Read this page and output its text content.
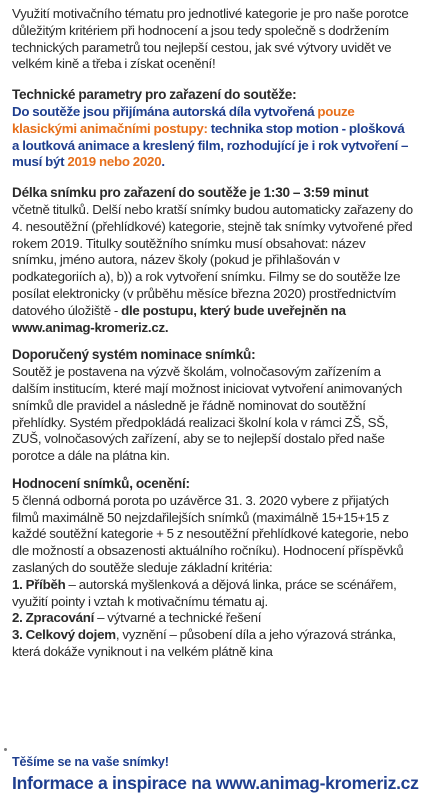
Využití motivačního tématu pro jednotlivé kategorie je pro naše porotce důležitým kritériem při hodnocení a jsou tedy společně s dodržením technických parametrů tou nejlepší cestou, jak své výtvory uvidět ve velkém kině a třeba i získat ocenění!

Technické parametry pro zařazení do soutěže:

Do soutěže jsou přijímána autorská díla vytvořená pouze klasickými animačními postupy: technika stop motion - plošková a loutková animace a kreslený film, rozhodující je i rok vytvoření – musí být 2019 nebo 2020.

Délka snímku pro zařazení do soutěže je 1:30 – 3:59 minut

včetně titulků. Delší nebo kratší snímky budou automaticky zařazeny do 4. nesoutěžní (přehlídkové) kategorie, stejně tak snímky vytvořené před rokem 2019. Titulky soutěžního snímku musí obsahovat: název snímku, jméno autora, název školy (pokud je přihlašován v podkategoriích a), b)) a rok vytvoření snímku. Filmy se do soutěže lze posílat elektronicky (v průběhu měsíce března 2020) prostřednictvím datového úložiště - dle postupu, který bude uveřejněn na www.animag-kromeriz.cz.

Doporučený systém nominace snímků:

Soutěž je postavena na výzvě školám, volnočasovým zařízením a dalším institucím, které mají možnost iniciovat vytvoření animovaných snímků dle pravidel a následně je řádně nominovat do soutěžní přehlídky. Systém předpokládá realizaci školní kola v rámci ZŠ, SŠ, ZUŠ, volnočasových zařízení, aby se to nejlepší dostalo před naše porotce a dále na plátna kin.

Hodnocení snímků, ocenění:

5 členná odborná porota po uzávěrce 31. 3. 2020 vybere z přijatých filmů maximálně 50 nejzdařilejších snímků (maximálně 15+15+15 z každé soutěžní kategorie + 5 z nesoutěžní přehlídkové kategorie, nebo dle možností a obsazenosti aktuálního ročníku). Hodnocení příspěvků zaslaných do soutěže sleduje základní kritéria:

1. Příběh – autorská myšlenková a dějová linka, práce se scénářem, využití pointy i vztah k motivačnímu tématu aj.

2. Zpracování – výtvarné a technické řešení

3. Celkový dojem, vyznění – působení díla a jeho výrazová stránka, která dokáže vyniknout i na velkém plátně kina

Těšíme se na vaše snímky!
Informace a inspirace na www.animag-kromeriz.cz
